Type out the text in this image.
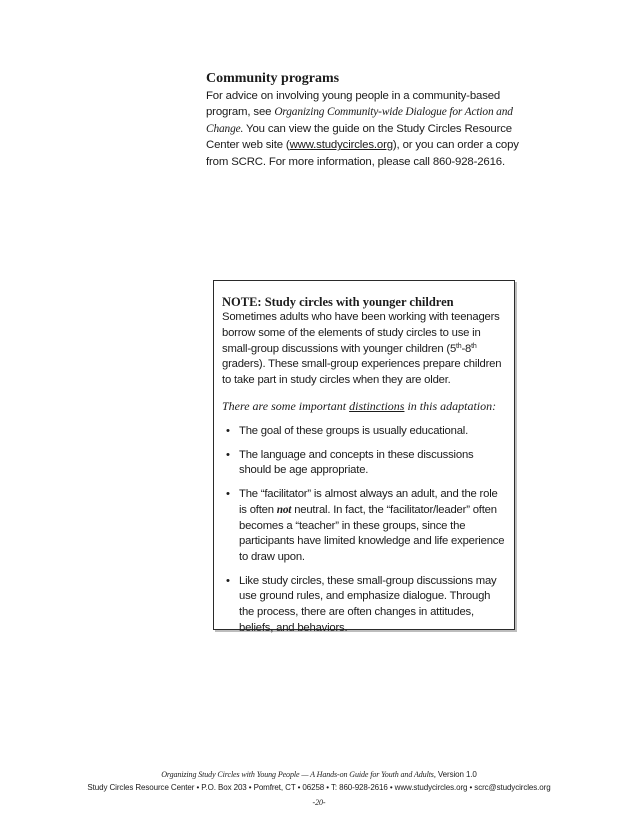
Community programs
For advice on involving young people in a community-based program, see Organizing Community-wide Dialogue for Action and Change. You can view the guide on the Study Circles Resource Center web site (www.studycircles.org), or you can order a copy from SCRC. For more information, please call 860-928-2616.
NOTE: Study circles with younger children
Sometimes adults who have been working with teenagers borrow some of the elements of study circles to use in small-group discussions with younger children (5th-8th graders). These small-group experiences prepare children to take part in study circles when they are older.
There are some important distinctions in this adaptation:
• The goal of these groups is usually educational.
• The language and concepts in these discussions should be age appropriate.
• The “facilitator” is almost always an adult, and the role is often not neutral. In fact, the “facilitator/leader” often becomes a “teacher” in these groups, since the participants have limited knowledge and life experience to draw upon.
• Like study circles, these small-group discussions may use ground rules, and emphasize dialogue. Through the process, there are often changes in attitudes, beliefs, and behaviors.
Organizing Study Circles with Young People — A Hands-on Guide for Youth and Adults, Version 1.0
Study Circles Resource Center • P.O. Box 203 • Pomfret, CT • 06258 • T: 860-928-2616 • www.studycircles.org • scrc@studycircles.org
-20-
